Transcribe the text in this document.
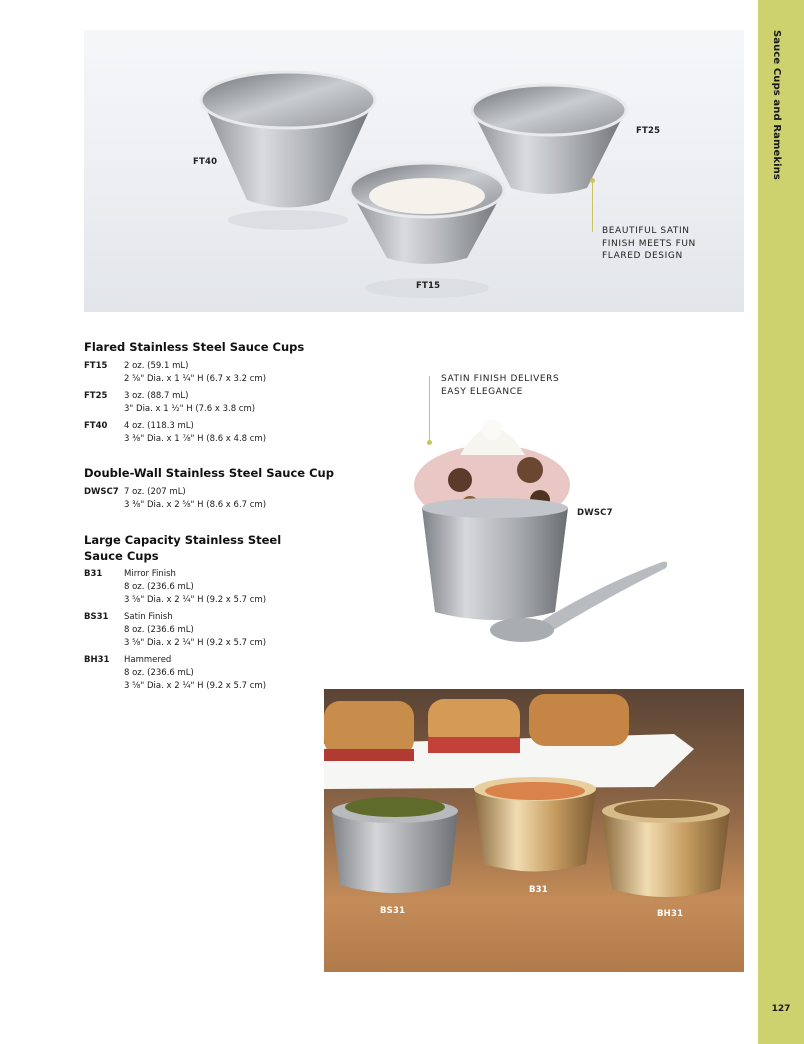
Sauce Cups and Ramekins
127
FT40
FT25
FT15
BEAUTIFUL SATIN
FINISH MEETS FUN
FLARED DESIGN
DWSC7
SATIN FINISH DELIVERS
EASY ELEGANCE
B31
BS31	BH31
Flared Stainless Steel Sauce Cups
FT15 2 oz. (59.1 mL)
2 ⁵⁄₈" Dia. x 1 ¼" H (6.7 x 3.2 cm)
FT25 3 oz. (88.7 mL)
3" Dia. x 1 ½" H (7.6 x 3.8 cm)
FT40 4 oz. (118.3 mL)
3 ⅜" Dia. x 1 ⅞" H (8.6 x 4.8 cm)
Double-Wall Stainless Steel Sauce Cup
DWSC7 7 oz. (207 mL)
3 ⅜" Dia. x 2 ⅝" H (8.6 x 6.7 cm)
Large Capacity Stainless Steel
Sauce Cups
B31	Mirror Finish
8 oz. (236.6 mL)
3 ⅝" Dia. x 2 ¼" H (9.2 x 5.7 cm)
BS31 Satin Finish
8 oz. (236.6 mL)
3 ⅝" Dia. x 2 ¼" H (9.2 x 5.7 cm)
BH31 Hammered
8 oz. (236.6 mL)
3 ⅝" Dia. x 2 ¼" H (9.2 x 5.7 cm)
